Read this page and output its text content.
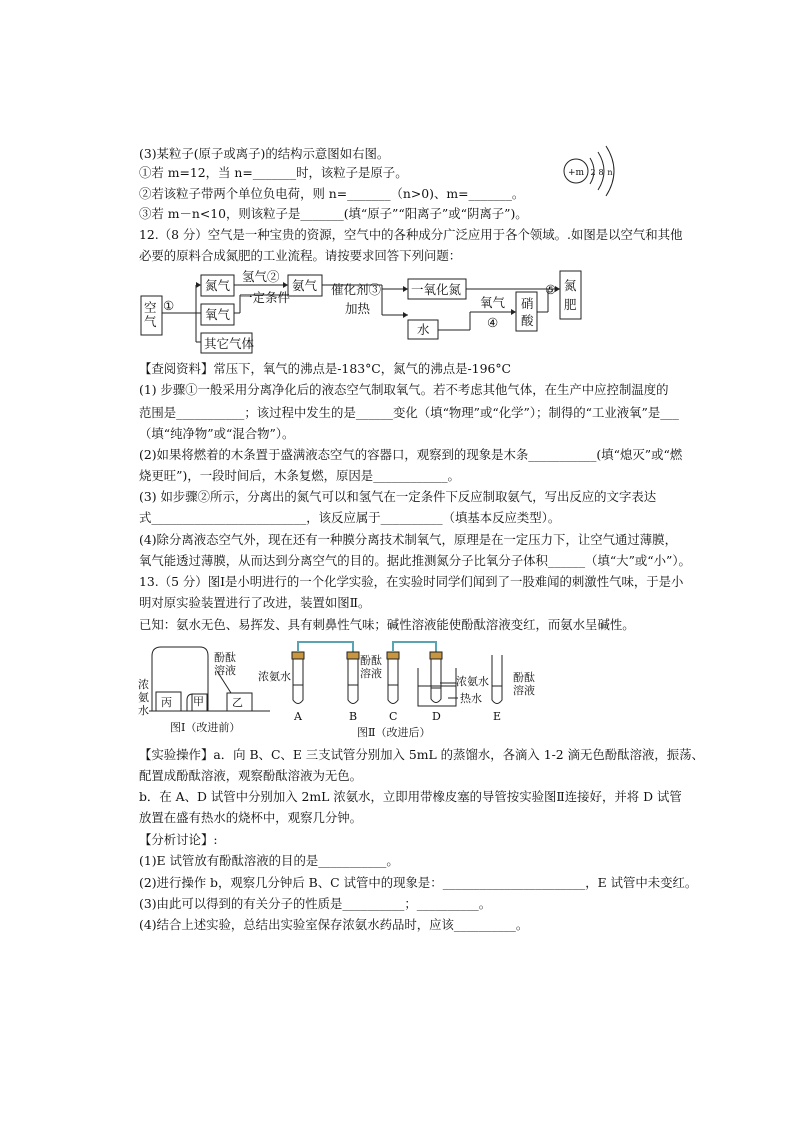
(3)某粒子(原子或离子)的结构示意图如右图。
①若 m=12，当 n=_______时，该粒子是原子。
②若该粒子带两个单位负电荷，则 n=_______（n>0)、m=_______。
③若 m－n<10，则该粒子是_______(填“原子”“阳离子”或“阴离子”)。
+m 2 8 n
空 ①
氮气
氢气②
一定条件
氨气 催化剂③
加热
一氧化氮
氧气
其它气体
水
氧气
④
⑤
浓
氨
水
酚酞
溶液
丙 甲	乙
图Ⅰ（改进前）
浓氨水
酚酞
溶液
浓氨水
热水
酚酞
溶液
A	B	C	D	E
图Ⅱ（改进后）
气
硝酸
氮肥
12.（8 分）空气是一种宝贵的资源，空气中的各种成分广泛应用于各个领域。.如图是以空气和其他
必要的原料合成氮肥的工业流程。请按要求回答下列问题：
【查阅资料】常压下，氧气的沸点是-183°C，氮气的沸点是-196°C
(1) 步骤①一般采用分离净化后的液态空气制取氧气。若不考虑其他气体，在生产中应控制温度的
范围是___________；该过程中发生的是______变化（填“物理”或“化学”）；制得的“工业液氧”是___
（填“纯净物”或“混合物”）。
(2)如果将燃着的木条置于盛满液态空气的容器口，观察到的现象是木条___________(填“熄灭”或“燃
烧更旺”)，一段时间后，木条复燃，原因是____________。
(3) 如步骤②所示，分离出的氮气可以和氢气在一定条件下反应制取氨气，写出反应的文字表达
式_________________________，该反应属于__________（填基本反应类型）。
(4)除分离液态空气外，现在还有一种膜分离技术制氧气，原理是在一定压力下，让空气通过薄膜，
氧气能透过薄膜，从而达到分离空气的目的。据此推测氮分子比氧分子体积______（填“大”或“小”）。
13.（5 分）图Ⅰ是小明进行的一个化学实验，在实验时同学们闻到了一股难闻的刺激性气味，于是小
明对原实验装置进行了改进，装置如图Ⅱ。
已知：氨水无色、易挥发、具有刺鼻性气味；碱性溶液能使酚酞溶液变红，而氨水呈碱性。
【实验操作】a．向 B、C、E 三支试管分别加入 5mL 的蒸馏水，各滴入 1-2 滴无色酚酞溶液，振荡、
配置成酚酞溶液，观察酚酞溶液为无色。
b．在 A、D 试管中分别加入 2mL 浓氨水，立即用带橡皮塞的导管按实验图Ⅱ连接好，并将 D 试管
放置在盛有热水的烧杯中，观察几分钟。
【分析讨论】:
(1)E 试管放有酚酞溶液的目的是___________。
(2)进行操作 b，观察几分钟后 B、C 试管中的现象是：_______________________，E 试管中未变红。
(3)由此可以得到的有关分子的性质是__________；__________。
(4)结合上述实验，总结出实验室保存浓氨水药品时，应该__________。
